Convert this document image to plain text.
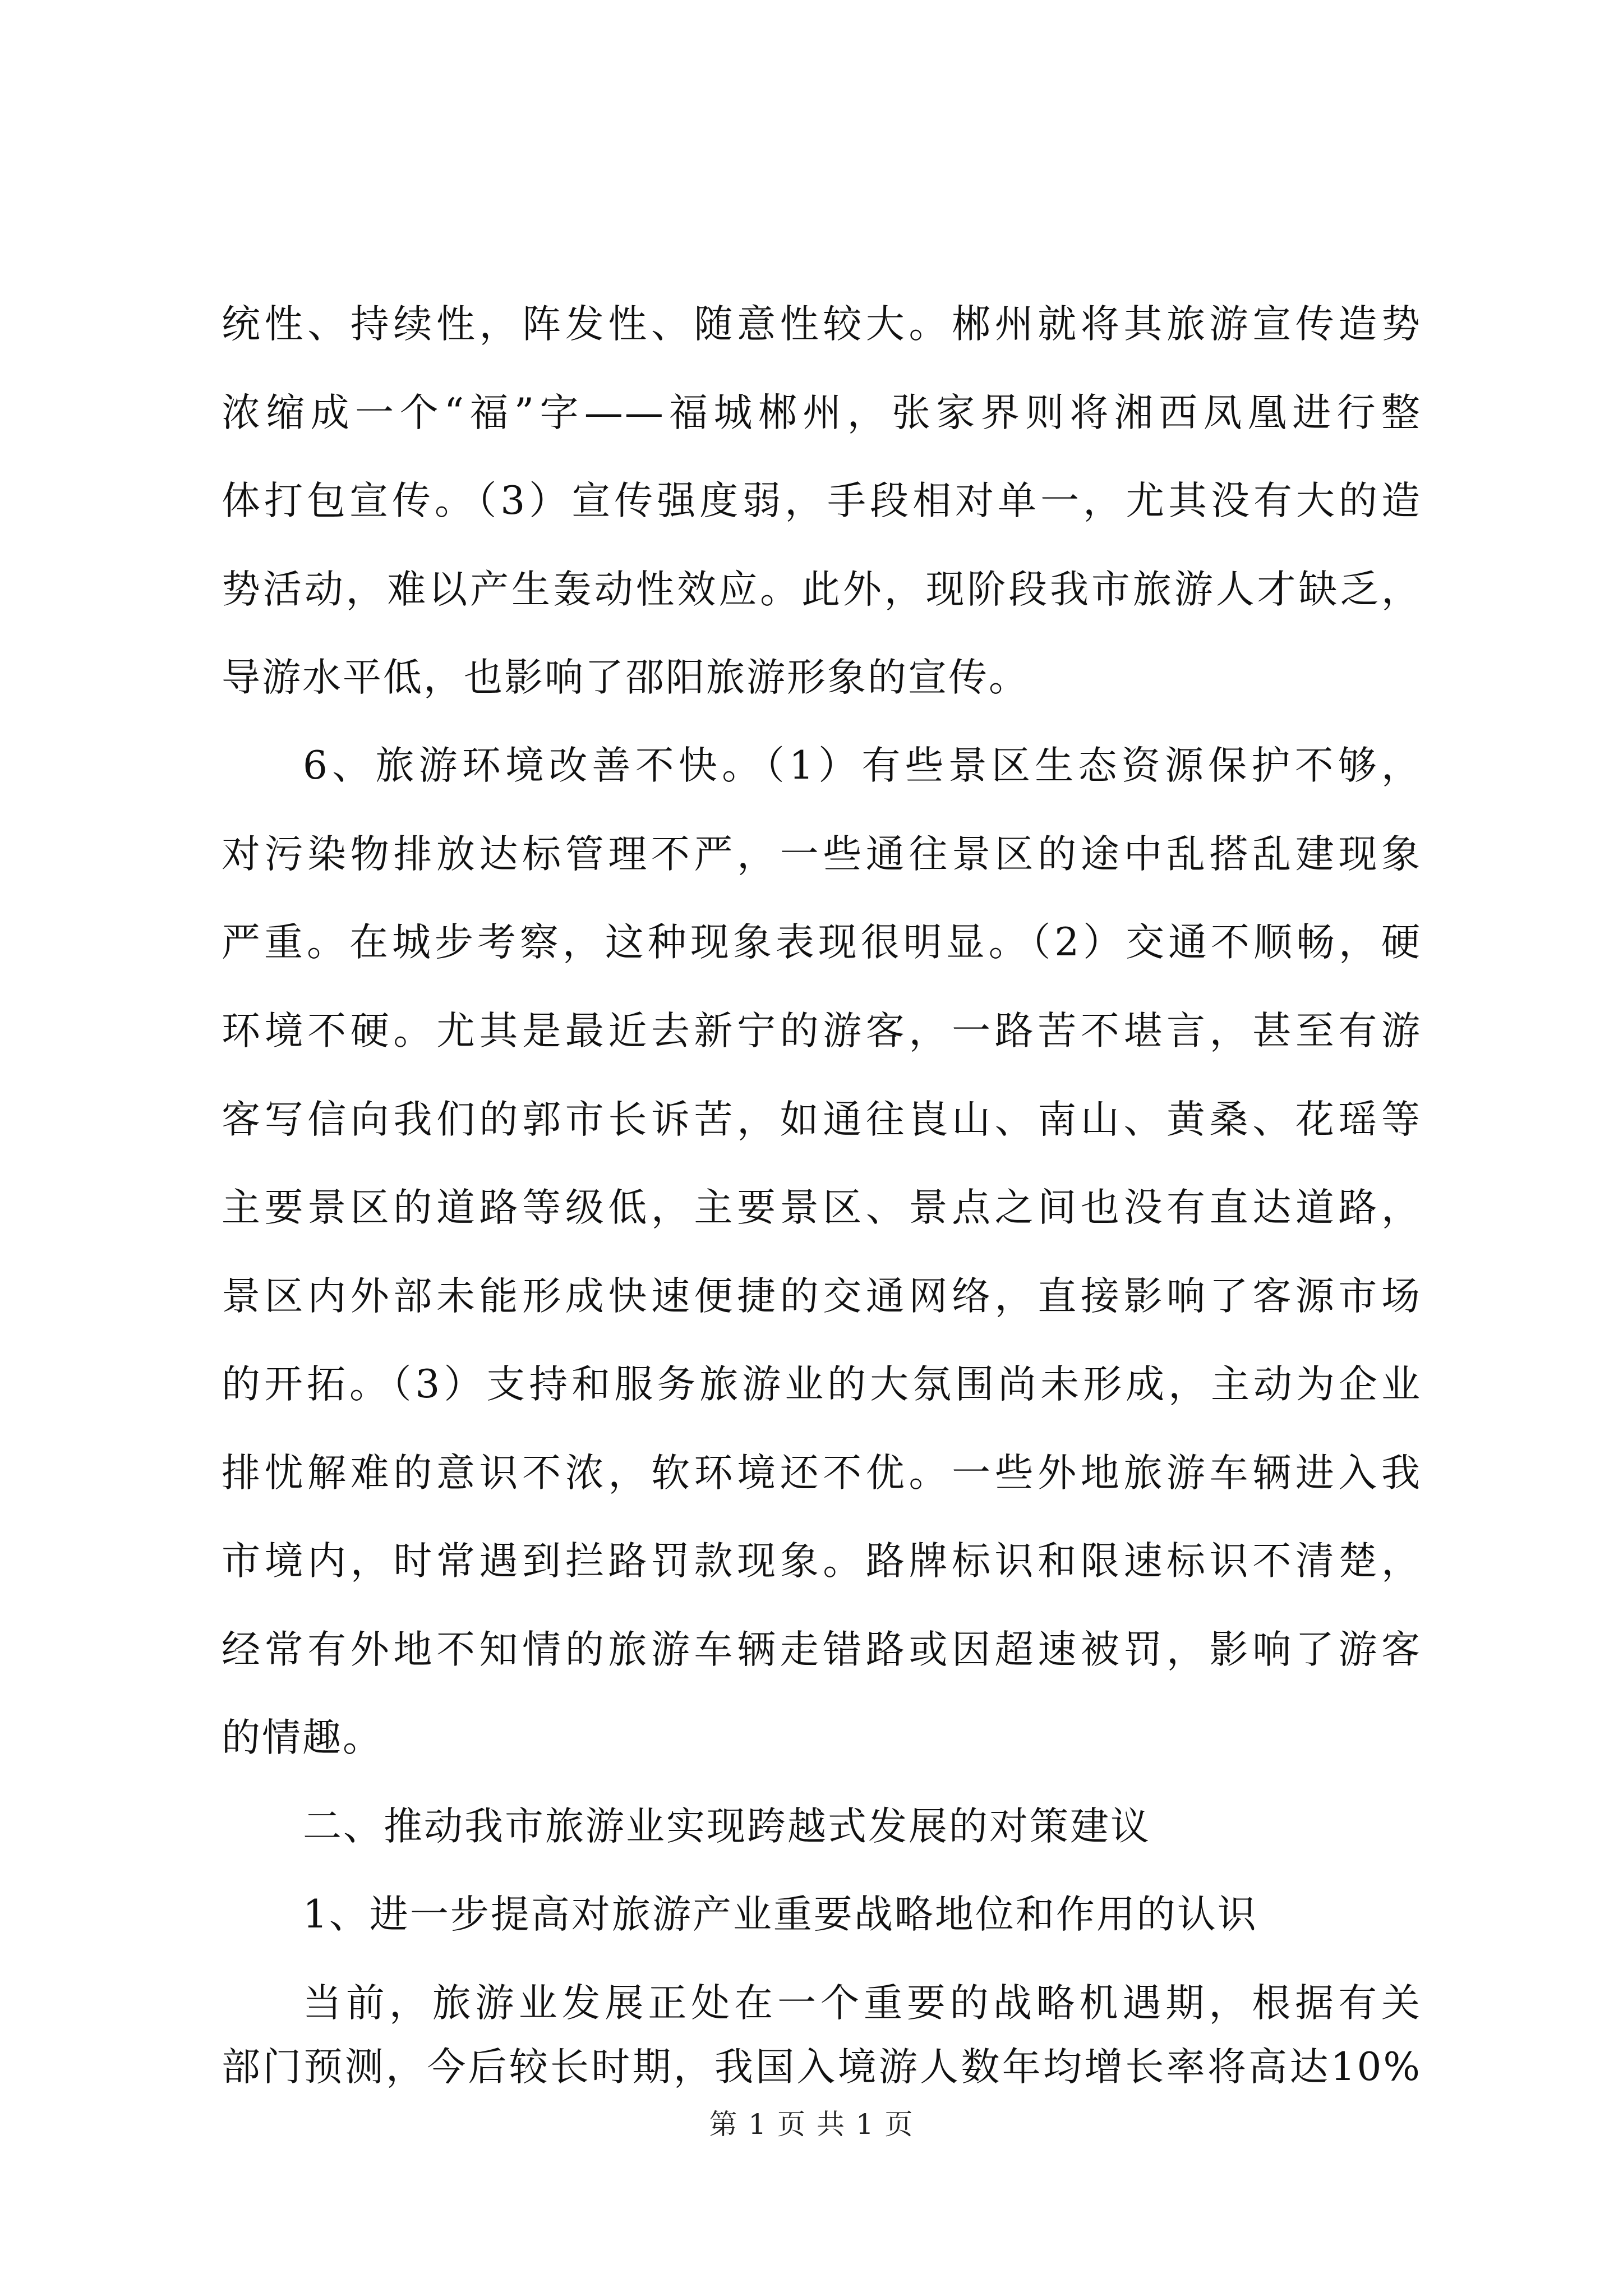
统性、持续性，阵发性、随意性较大。郴州就将其旅游宣传造势
浓缩成一个“福”字——福城郴州，张家界则将湘西凤凰进行整
体打包宣传。（3）宣传强度弱，手段相对单一，尤其没有大的造
势活动，难以产生轰动性效应。此外，现阶段我市旅游人才缺乏，
导游水平低，也影响了邵阳旅游形象的宣传。
6、旅游环境改善不快。（1）有些景区生态资源保护不够，
对污染物排放达标管理不严，一些通往景区的途中乱搭乱建现象
严重。在城步考察，这种现象表现很明显。（2）交通不顺畅，硬
环境不硬。尤其是最近去新宁的游客，一路苦不堪言，甚至有游
客写信向我们的郭市长诉苦，如通往崀山、南山、黄桑、花瑶等
主要景区的道路等级低，主要景区、景点之间也没有直达道路，
景区内外部未能形成快速便捷的交通网络，直接影响了客源市场
的开拓。（3）支持和服务旅游业的大氛围尚未形成，主动为企业
排忧解难的意识不浓，软环境还不优。一些外地旅游车辆进入我
市境内，时常遇到拦路罚款现象。路牌标识和限速标识不清楚，
经常有外地不知情的旅游车辆走错路或因超速被罚，影响了游客
的情趣。
二、推动我市旅游业实现跨越式发展的对策建议
1、进一步提高对旅游产业重要战略地位和作用的认识
当前，旅游业发展正处在一个重要的战略机遇期，根据有关
部门预测，今后较长时期，我国入境游人数年均增长率将高达10%
第 1 页 共 1 页
